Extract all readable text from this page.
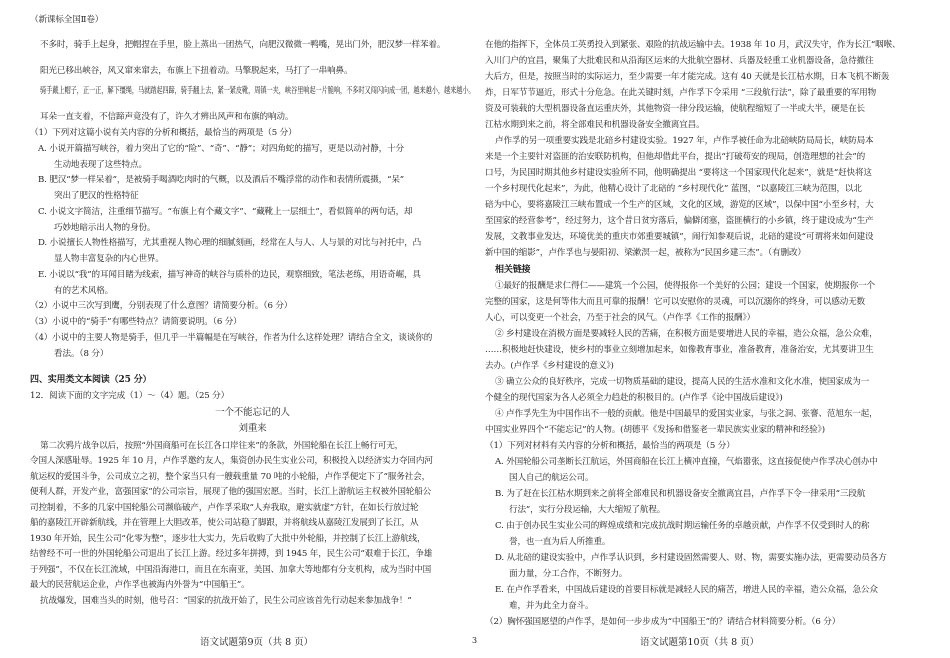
（新课标全国Ⅱ卷）
不多时，骑手上起身，把帽捏在手里，脸上蒸出一团热气，向肥汉微微一鸭嘴，晃出门外，肥汉梦一样苯着。
阳光已移出峡谷，风又窜来窜去，布旗上下扭着动。马擎脱起来，马打了一串响鼻。
骑手戴上帽子，正一正，解下缰绳，马就踏起四蹄，骑手翻上去，紧一紧皮靴，周镇一夹，峡谷里响起一片脆响，不多时又闯闪向成一团，越来越小，越来越小。
耳朵一直支着，不信蹄声竟没有了，许久才辨出风声和布旗的响动。
（1）下列对这篇小说有关内容的分析和概括，最恰当的两项是（5 分）
A. 小说开篇描写峡谷，着力突出了它的“险”、“奇”、“静”；对四角蛇的描写，更是以动衬静，十分
生动地表现了这些特点。
B. 肥汉“梦一样呆着”，是被骑手喝酒吃肉时的气概，以及酒后不嘴浮常的动作和表情所震摄，“呆”
突出了肥汉的性格特征
C. 小说文字简洁，注重细节描写。“布旗上有个藏文字”、“藏靴上一层细土”，看似简单的两句话，却
巧妙地暗示出人物的身份。
D. 小说擅长人物性格描写，尤其重视人物心理的细腻刻画，经常在人与人、人与景的对比与衬托中，凸
显人物丰富复杂的内心世界。
E. 小说以“我”的耳闻目睹为线索，描写神奇的峡谷与质朴的边民，观察细致，笔法老练，用语奇崛，具
有的艺术风格。
（2）小说中三次写到鹰，分别表现了什么意图？请简要分析。（6 分）
（3）小说中的“骑手”有哪些特点？请简要说明。（6 分）
（4）小说中的主要人物是骑手，但几乎一半篇幅是在写峡谷，作者为什么这样处理？请结合全文，谈谈你的
看法。（8 分）
四、实用类文本阅读（25 分）
12．阅读下面的文字完成（1）～（4）题。（25 分）
一个不能忘记的人
刘重来
第二次鸦片战争以后，按照“外国商船可在长江各口岸往来”的条款，外国轮船在长江上畅行可无，
令国人深感耻辱。1925 年 10 月，卢作孚邀约友人，集资创办民生实业公司，积极投入以经济实力夺回内河
航运权的爱国斗争，公司成立之初，整个家当只有一艘载重量 70 吨的小轮船，卢作孚便定下了“服务社会，
便利人群，开发产业，富强国家”的公司宗旨，展现了他的强国宏愿。当时，长江上游航运主权被外国轮船公
司控制着，不多的几家中国轮船公司濒临破产，卢作孚采取“人弃我取，避实就虚”方针，在如长行放过轮
船的嘉陵江开辟新航线，并在管理上大胆改革，使公司站稳了脚跟，并将航线从嘉陵江发展到了长江，从
1930 年开始，民生公司“化零为整”，逐步壮大实力，先后收购了大批中外轮船，并控制了长江上游航线，
结曾经不可一世的外国轮船公司退出了长江上游。经过多年拼搏，到 1945 年，民生公司“艰难于长江，争雄
于列强”，不仅在长江流域，中国沿海港口，而且在东南亚，美国、加拿大等地都有分支机构，成为当时中国
最大的民营航运企业，卢作孚也被海内外誉为“中国船王”。
抗战爆发，国难当头的时刻，他号召：“国家的抗战开始了，民生公司应该首先行动起来参加战争！”
语文试题第9页（共 8 页）	3
在他的指挥下，全体员工英勇投入到紧张、艰险的抗战运输中去。1938 年 10 月，武汉失守，作为长江“咽喉、
入川门户的宜昌，聚集了大批难民和从沿海区运来的大批航空器材、兵器及轻重工业机器设备，急待撤往
大后方，但是，按照当时的实际运力，至少需要一年才能完成。这有 40 天就是长江枯水期，日本飞机不断轰
炸，日军节节逼近，形式十分危急。在此关键时刻，卢作孚下令采用 “三段航行法”，除了最重要的军用物
资及可装载的大型机器设备直运重庆外，其他物资一律分段运输，使航程缩短了一半或大半，硬是在长
江枯水期到来之前，将全部难民和机器设备安全撤离宜昌。
卢作孚的另一项重要实践是北碚乡村建设实验。1927 年，卢作孚被任命为北碚峡防局局长，峡防局本
来是一个主要针对盗匪的治安联防机构，但他却借此平台，提出“打破苟安的现局，创造理想的社会”的
口号，为民国时期其他乡村建设实验所不同，他明确提出 “要将这一个国家现代化起来”，就是“赶快将这
一个乡村现代化起来”，为此，他精心设计了北碚的 “乡村现代化” 蓝图，“以嘉陵江三峡为范围，以北
碚为中心，要将嘉陵江三峡布置成一个生产的区域，文化的区域，游览的区域”，以保中国“小至乡村，大
至国家的经营参考”，经过努力，这个昔日贫穷落后，偏僻闭塞，盗匪横行的小乡镇，终于建设成为“生产
发展，文教事业发达，环境优美的重庆市郊重要城镇”，闹行知参观后说，北碚的建设“可谓将来如何建设
新中国的缩影”，卢作孚也与晏阳初、梁漱溟一起，被称为“民国乡建三杰”。（有删改）
相关链接
①最好的报酬是求仁得仁——建筑一个公园，使得报你一个美好的公园；建设一个国家，使期报你一个
完整的国家，这是何等伟大而且可靠的报酬！它可以安慰你的灵魂，可以沉溺你的终身，可以感动无数
人心，可以变更一个社会，乃至于社会的风气。（卢作孚《工作的报酬》）
② 乡村建设在消极方面是要减轻人民的苦痛，在积极方面是要增进人民的幸福，造公众福，急公众难，
……积极地赶快建设，使乡村的事业立刻增加起来，如像教育事业，准备教育，准备治安，尤其要讲卫生
去办。(卢作孚《乡村建设的意义》)
③ 确立公众的良好秩序，完成一切物质基础的建设，提高人民的生活水准和文化水准，使国家成为一
个健全的现代国家为各人必须全力趋赴的积极目的。(卢作孚《论中国战后建设》)
④ 卢作孚先生为中国作出不一般的贡献。他是中国最早的爱国实业家，与张之洞、张謇、范旭东一起，
中国实业界四个“不能忘记”的人物。(胡德平《发扬和借鉴老一辈民族实业家的精神和经验》)
（1）下列对材料有关内容的分析和概括，最恰当的两项是（5 分）
A. 外国轮船公司垄断长江航运，外国商船在长江上横冲直撞，气焰嚣张，这直接促使卢作孚决心创办中
国人自己的航运公司。
B. 为了赶在长江枯水期到来之前将全部难民和机器设备安全撤离宜昌，卢作孚下令一律采用“三段航
行法”，实行分段运输，大大缩短了航程。
C. 由于创办民生实业公司的辉煌成绩和完成抗战时期运输任务的卓越贡献，卢作孚不仅受到时人的称
誉，也一直为后人所推重。
D. 从北碚的建设实验中，卢作孚认识到，乡村建设固然需要人、财、物，需要实施办法，更需要动员各方
面力量，分工合作，不断努力。
E. 在卢作孚看来，中国战后建设的首要目标就是减轻人民的痛苦，增进人民的幸福，造公众福，急公众
难，并为此全力奋斗。
（2）胸怀强国愿望的卢作孚，是如何一步步成为“中国船王”的？请结合材料简要分析。（6 分）
语文试题第10页（共 8 页）
